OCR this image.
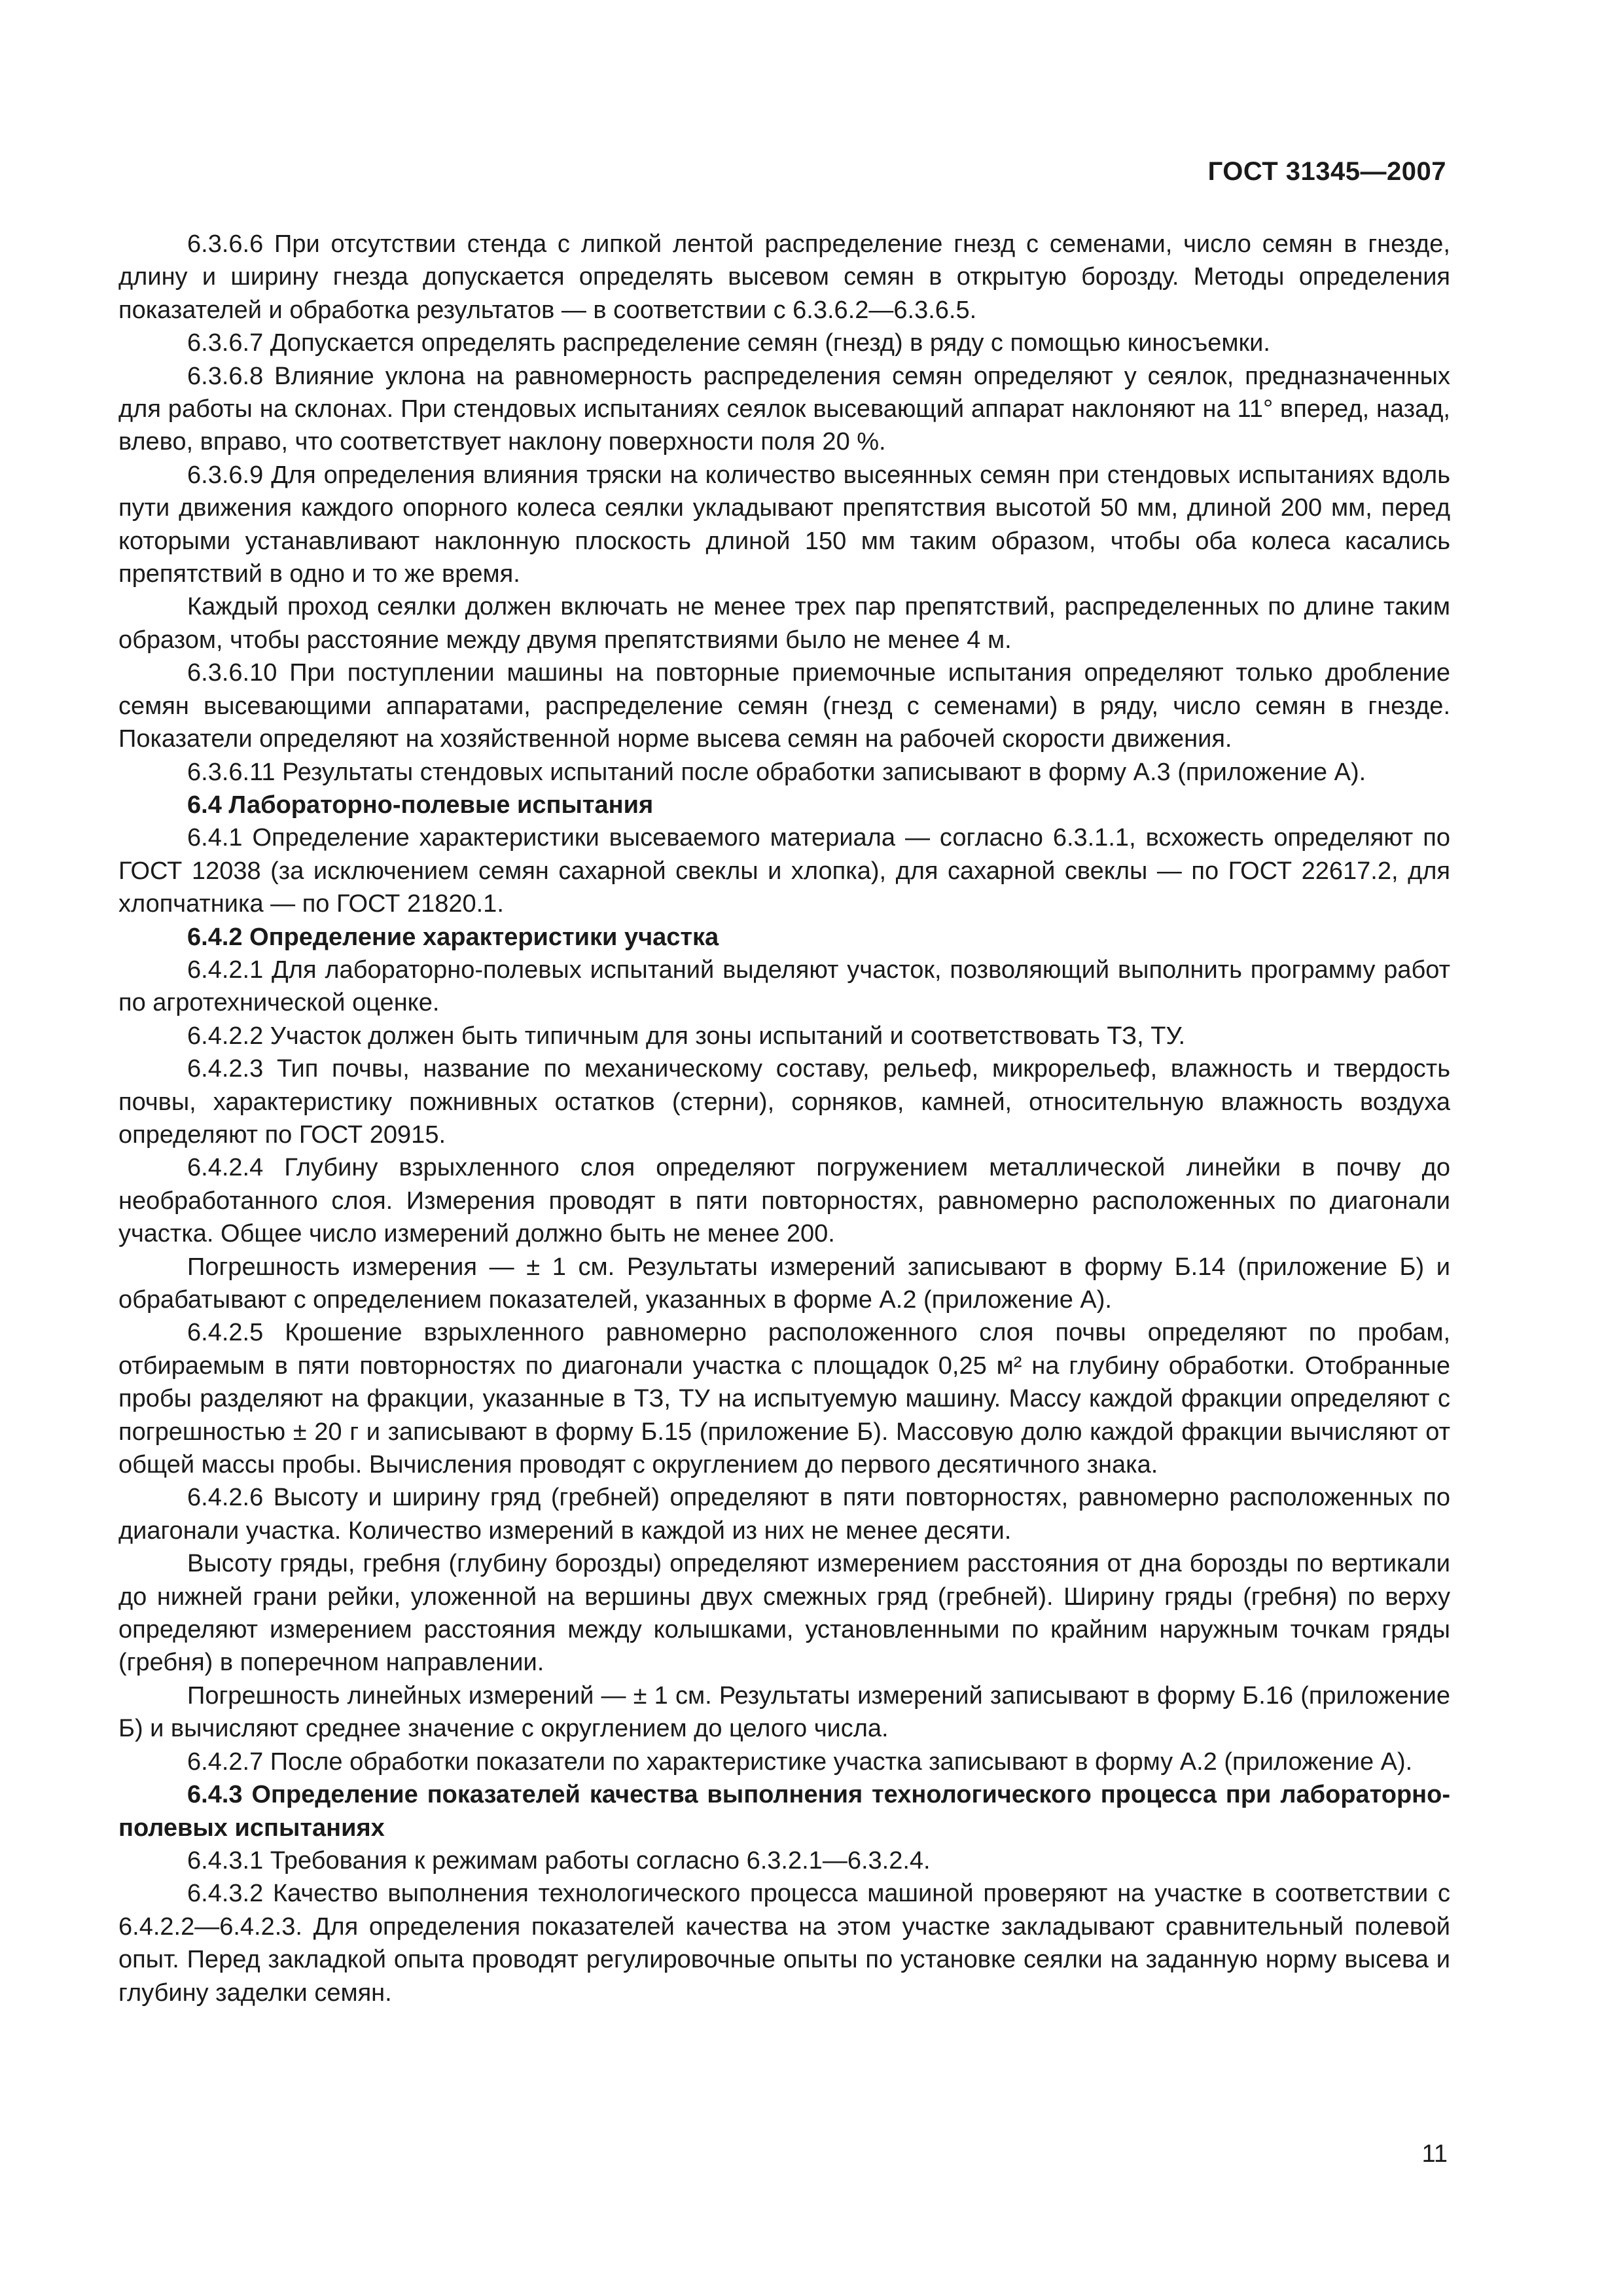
ГОСТ 31345—2007

6.3.6.6 При отсутствии стенда с липкой лентой распределение гнезд с семенами, число семян в гнезде, длину и ширину гнезда допускается определять высевом семян в открытую борозду. Методы определения показателей и обработка результатов — в соответствии с 6.3.6.2—6.3.6.5.

6.3.6.7 Допускается определять распределение семян (гнезд) в ряду с помощью киносъемки.

6.3.6.8 Влияние уклона на равномерность распределения семян определяют у сеялок, предназначенных для работы на склонах. При стендовых испытаниях сеялок высевающий аппарат наклоняют на 11° вперед, назад, влево, вправо, что соответствует наклону поверхности поля 20 %.

6.3.6.9 Для определения влияния тряски на количество высеянных семян при стендовых испытаниях вдоль пути движения каждого опорного колеса сеялки укладывают препятствия высотой 50 мм, длиной 200 мм, перед которыми устанавливают наклонную плоскость длиной 150 мм таким образом, чтобы оба колеса касались препятствий в одно и то же время.

Каждый проход сеялки должен включать не менее трех пар препятствий, распределенных по длине таким образом, чтобы расстояние между двумя препятствиями было не менее 4 м.

6.3.6.10 При поступлении машины на повторные приемочные испытания определяют только дробление семян высевающими аппаратами, распределение семян (гнезд с семенами) в ряду, число семян в гнезде. Показатели определяют на хозяйственной норме высева семян на рабочей скорости движения.

6.3.6.11 Результаты стендовых испытаний после обработки записывают в форму А.3 (приложение А).

6.4 Лабораторно-полевые испытания

6.4.1 Определение характеристики высеваемого материала — согласно 6.3.1.1, всхожесть определяют по ГОСТ 12038 (за исключением семян сахарной свеклы и хлопка), для сахарной свеклы — по ГОСТ 22617.2, для хлопчатника — по ГОСТ 21820.1.

6.4.2 Определение характеристики участка

6.4.2.1 Для лабораторно-полевых испытаний выделяют участок, позволяющий выполнить программу работ по агротехнической оценке.

6.4.2.2 Участок должен быть типичным для зоны испытаний и соответствовать ТЗ, ТУ.

6.4.2.3 Тип почвы, название по механическому составу, рельеф, микрорельеф, влажность и твердость почвы, характеристику пожнивных остатков (стерни), сорняков, камней, относительную влажность воздуха определяют по ГОСТ 20915.

6.4.2.4 Глубину взрыхленного слоя определяют погружением металлической линейки в почву до необработанного слоя. Измерения проводят в пяти повторностях, равномерно расположенных по диагонали участка. Общее число измерений должно быть не менее 200.

Погрешность измерения — ± 1 см. Результаты измерений записывают в форму Б.14 (приложение Б) и обрабатывают с определением показателей, указанных в форме А.2 (приложение А).

6.4.2.5 Крошение взрыхленного равномерно расположенного слоя почвы определяют по пробам, отбираемым в пяти повторностях по диагонали участка с площадок 0,25 м² на глубину обработки. Отобранные пробы разделяют на фракции, указанные в ТЗ, ТУ на испытуемую машину. Массу каждой фракции определяют с погрешностью ± 20 г и записывают в форму Б.15 (приложение Б). Массовую долю каждой фракции вычисляют от общей массы пробы. Вычисления проводят с округлением до первого десятичного знака.

6.4.2.6 Высоту и ширину гряд (гребней) определяют в пяти повторностях, равномерно расположенных по диагонали участка. Количество измерений в каждой из них не менее десяти.

Высоту гряды, гребня (глубину борозды) определяют измерением расстояния от дна борозды по вертикали до нижней грани рейки, уложенной на вершины двух смежных гряд (гребней). Ширину гряды (гребня) по верху определяют измерением расстояния между колышками, установленными по крайним наружным точкам гряды (гребня) в поперечном направлении.

Погрешность линейных измерений — ± 1 см. Результаты измерений записывают в форму Б.16 (приложение Б) и вычисляют среднее значение с округлением до целого числа.

6.4.2.7 После обработки показатели по характеристике участка записывают в форму А.2 (приложение А).

6.4.3 Определение показателей качества выполнения технологического процесса при лабораторно-полевых испытаниях

6.4.3.1 Требования к режимам работы согласно 6.3.2.1—6.3.2.4.

6.4.3.2 Качество выполнения технологического процесса машиной проверяют на участке в соответствии с 6.4.2.2—6.4.2.3. Для определения показателей качества на этом участке закладывают сравнительный полевой опыт. Перед закладкой опыта проводят регулировочные опыты по установке сеялки на заданную норму высева и глубину заделки семян.

11
